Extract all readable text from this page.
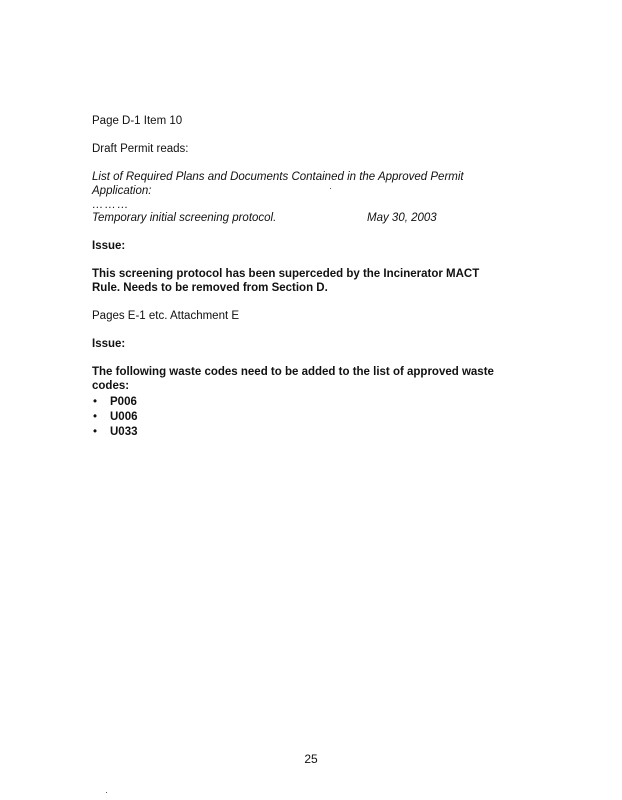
Page D-1 Item 10
Draft Permit reads:
List of Required Plans and Documents Contained in the Approved Permit
Application:
………
Temporary initial screening protocol.	May 30, 2003
Issue:
This screening protocol has been superceded by the Incinerator MACT
Rule. Needs to be removed from Section D.
Pages E-1 etc. Attachment E
Issue:
The following waste codes need to be added to the list of approved waste
codes:
• P006
• U006
• U033
25
